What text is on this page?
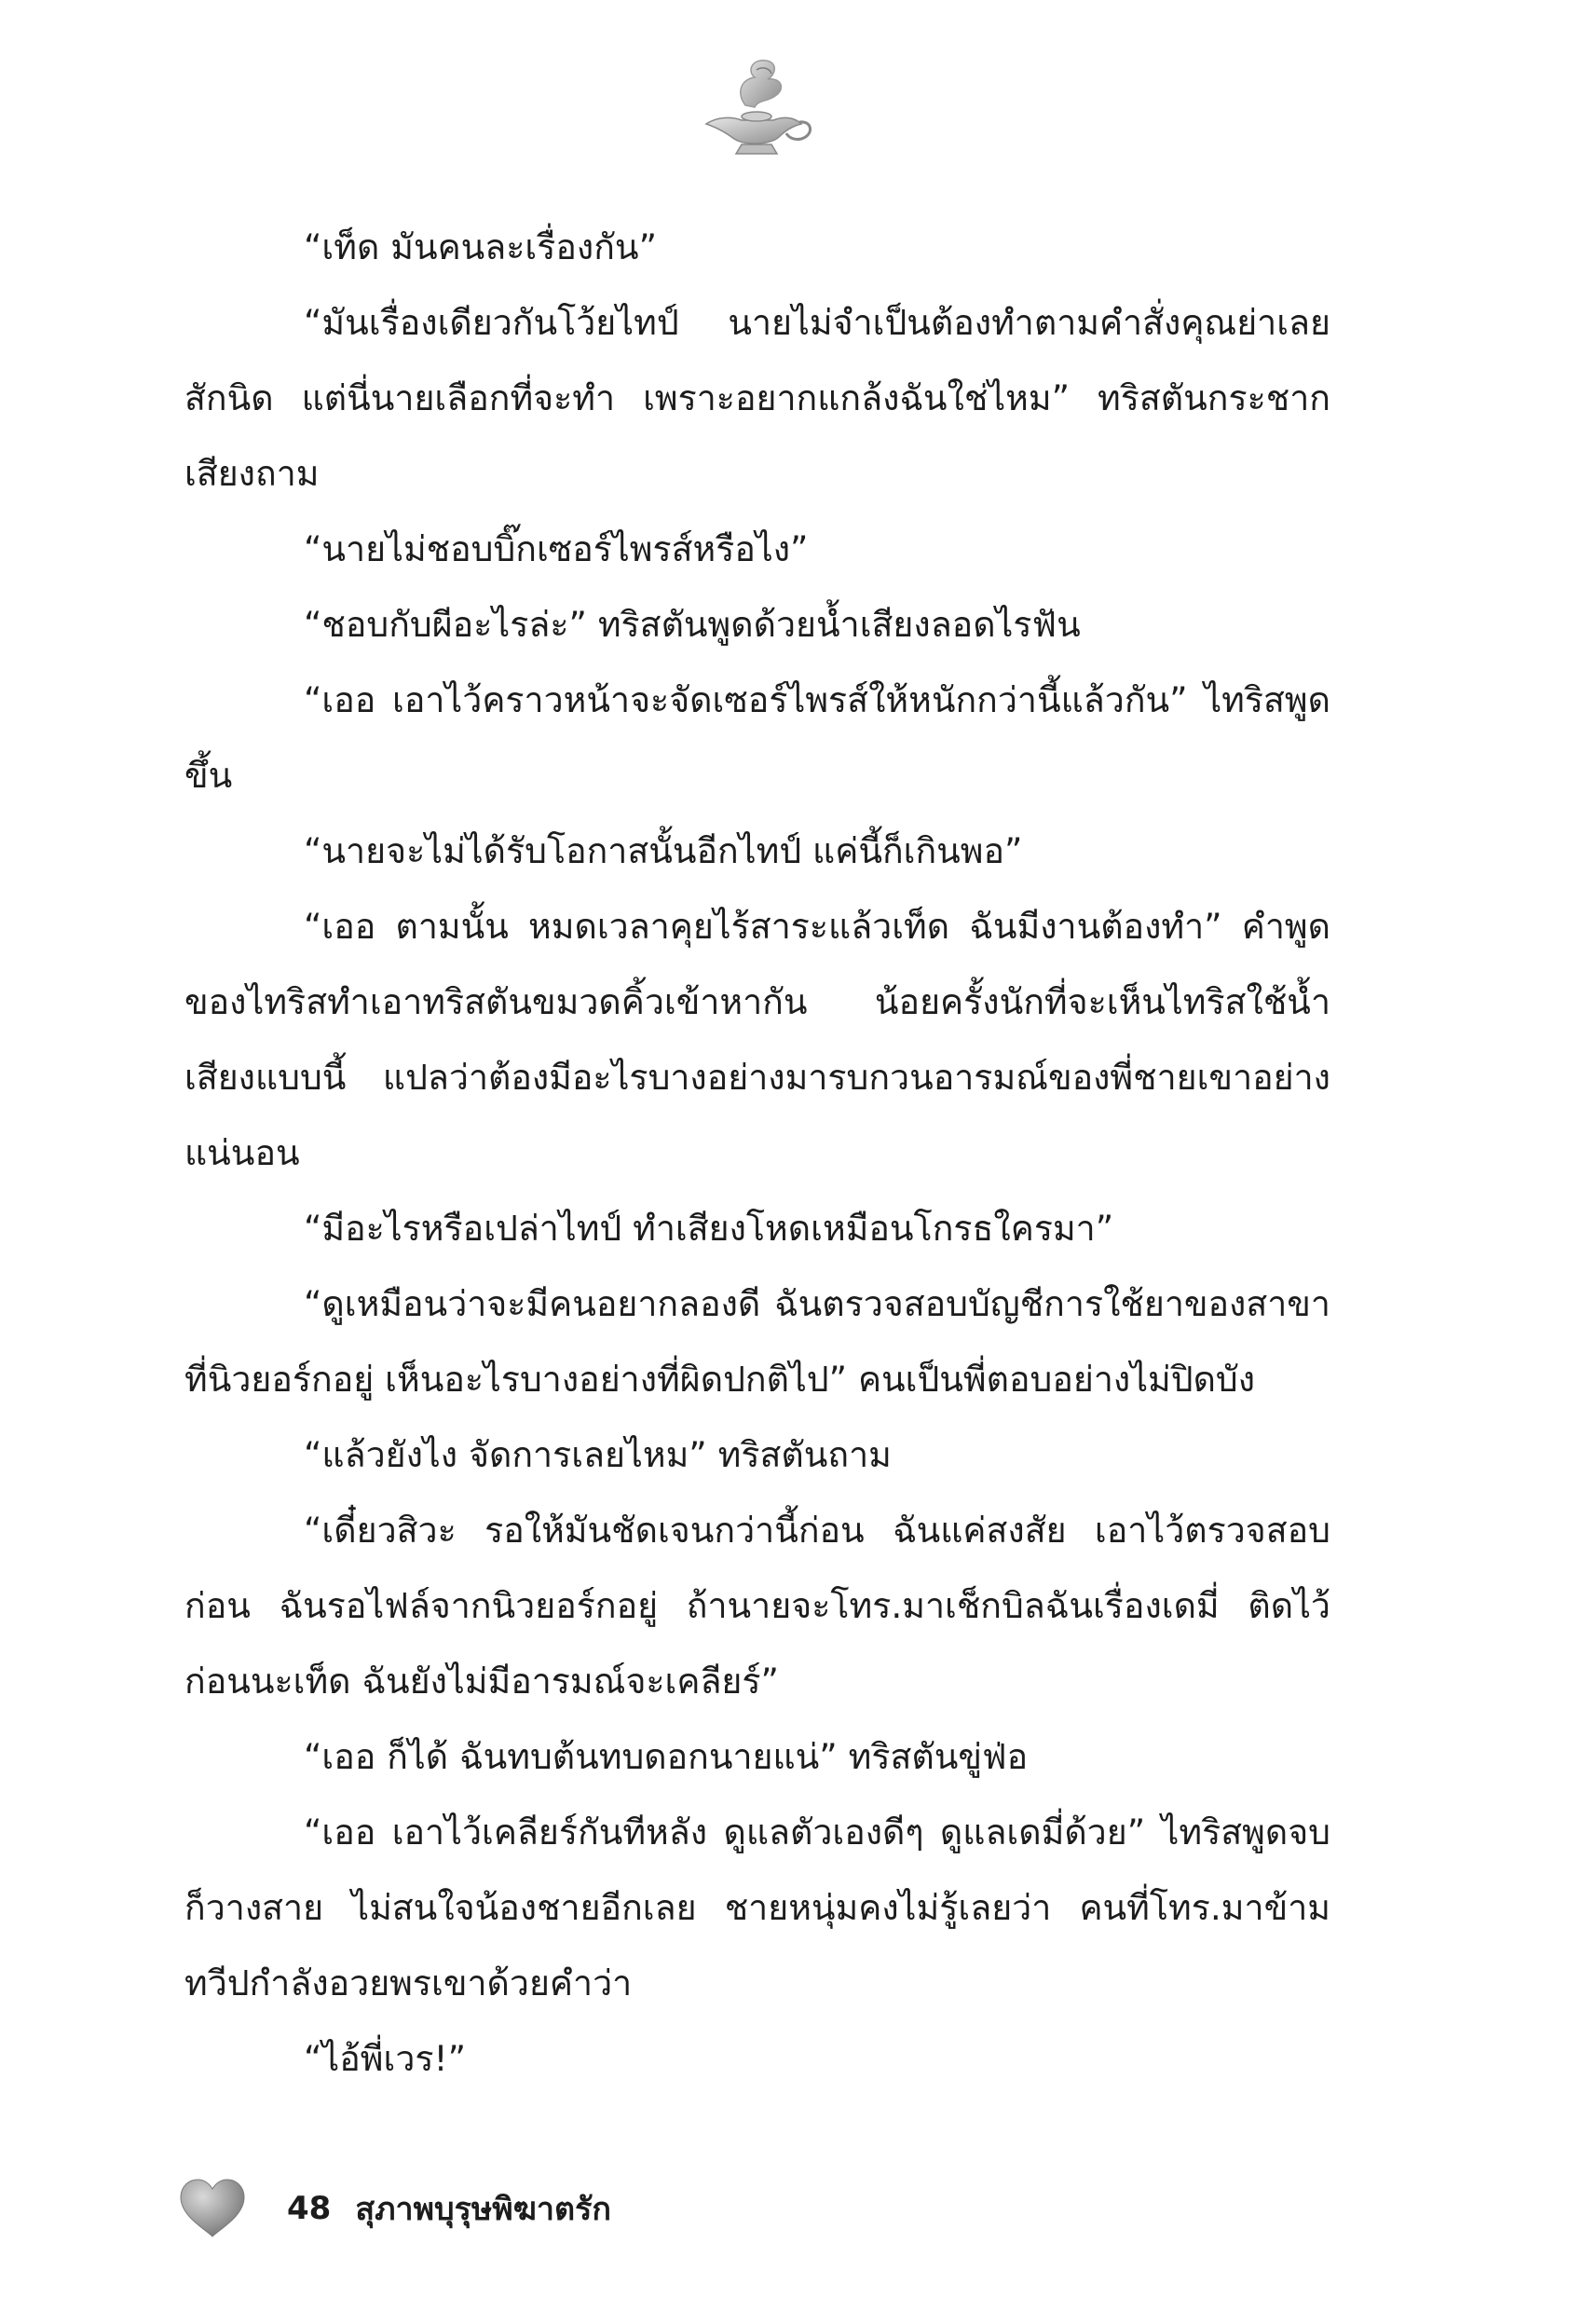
“เท็ด มันคนละเรื่องกัน”

“มันเรื่องเดียวกันโว้ยไทป์ นายไม่จำเป็นต้องทำตามคำสั่งคุณย่าเลยสักนิด แต่นี่นายเลือกที่จะทำ เพราะอยากแกล้งฉันใช่ไหม” ทริสตันกระชากเสียงถาม

“นายไม่ชอบบิ๊กเซอร์ไพรส์หรือไง”

“ชอบกับผีอะไรล่ะ” ทริสตันพูดด้วยน้ำเสียงลอดไรฟัน

“เออ เอาไว้คราวหน้าจะจัดเซอร์ไพรส์ให้หนักกว่านี้แล้วกัน” ไทริสพูดขึ้น

“นายจะไม่ได้รับโอกาสนั้นอีกไทป์ แค่นี้ก็เกินพอ”

“เออ ตามนั้น หมดเวลาคุยไร้สาระแล้วเท็ด ฉันมีงานต้องทำ” คำพูดของไทริสทำเอาทริสตันขมวดคิ้วเข้าหากัน น้อยครั้งนักที่จะเห็นไทริสใช้น้ำเสียงแบบนี้ แปลว่าต้องมีอะไรบางอย่างมารบกวนอารมณ์ของพี่ชายเขาอย่างแน่นอน

“มีอะไรหรือเปล่าไทป์ ทำเสียงโหดเหมือนโกรธใครมา”

“ดูเหมือนว่าจะมีคนอยากลองดี ฉันตรวจสอบบัญชีการใช้ยาของสาขาที่นิวยอร์กอยู่ เห็นอะไรบางอย่างที่ผิดปกติไป” คนเป็นพี่ตอบอย่างไม่ปิดบัง

“แล้วยังไง จัดการเลยไหม” ทริสตันถาม

“เดี๋ยวสิวะ รอให้มันชัดเจนกว่านี้ก่อน ฉันแค่สงสัย เอาไว้ตรวจสอบก่อน ฉันรอไฟล์จากนิวยอร์กอยู่ ถ้านายจะโทร.มาเช็กบิลฉันเรื่องเดมี่ ติดไว้ก่อนนะเท็ด ฉันยังไม่มีอารมณ์จะเคลียร์”

“เออ ก็ได้ ฉันทบต้นทบดอกนายแน่” ทริสตันขู่ฟ่อ

“เออ เอาไว้เคลียร์กันทีหลัง ดูแลตัวเองดีๆ ดูแลเดมี่ด้วย” ไทริสพูดจบก็วางสาย ไม่สนใจน้องชายอีกเลย ชายหนุ่มคงไม่รู้เลยว่า คนที่โทร.มาข้ามทวีปกำลังอวยพรเขาด้วยคำว่า

“ไอ้พี่เวร!”

48 สุภาพบุรุษพิฆาตรัก
